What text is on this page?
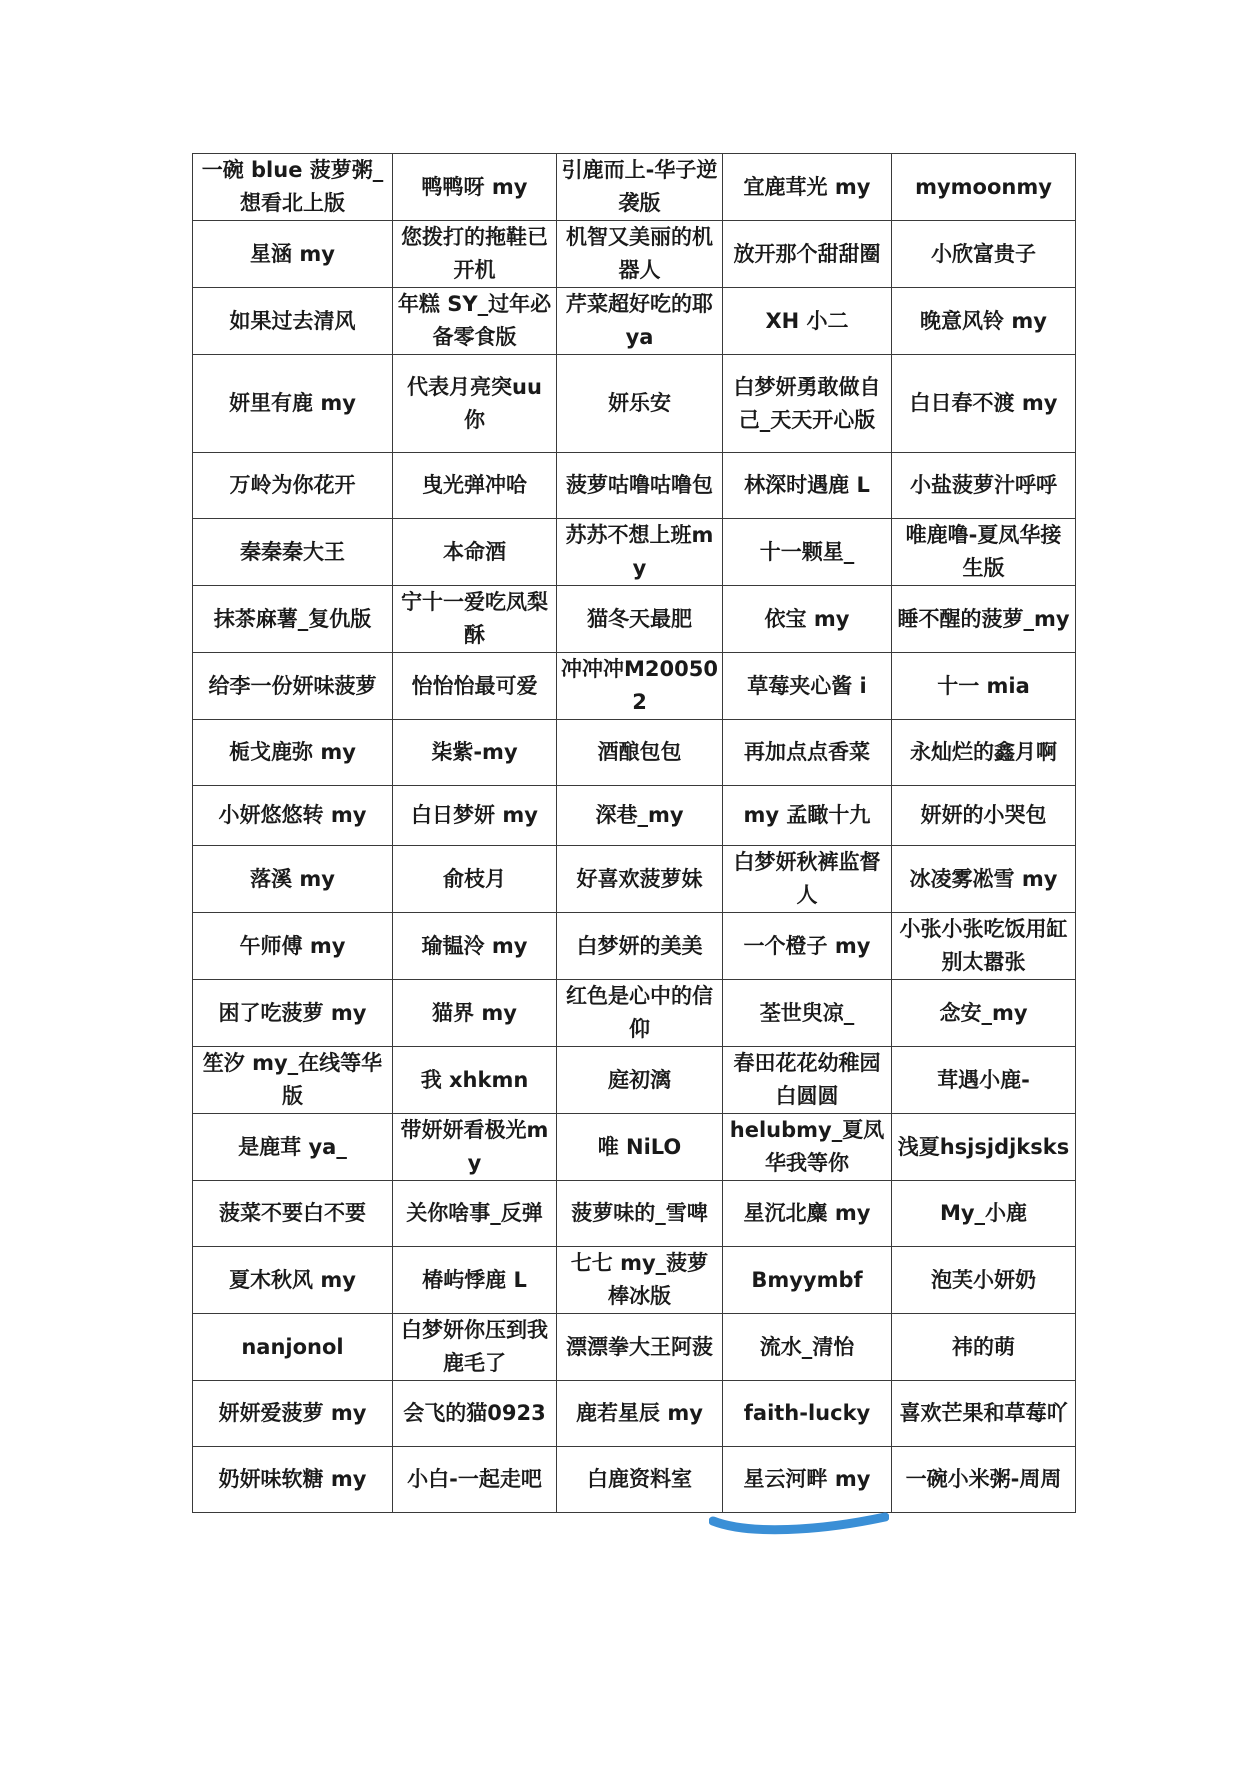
一碗 blue 菠萝粥_想看北上版	鸭鸭呀 my	引鹿而上-华子逆袭版	宜鹿茸光 my	mymoonmy
星涵 my	您拨打的拖鞋已开机	机智又美丽的机器人	放开那个甜甜圈	小欣富贵子
如果过去清风	年糕 SY_过年必备零食版	芹菜超好吃的耶 ya	XH 小二	晚意风铃 my
妍里有鹿 my	代表月亮突uu 你	妍乐安	白梦妍勇敢做自己_天天开心版	白日春不渡 my
万岭为你花开	曳光弹冲哈	菠萝咕噜咕噜包	林深时遇鹿 L	小盐菠萝汁呼呼
秦秦秦大王	本命酒	苏苏不想上班my	十一颗星_	唯鹿噜-夏凤华接生版
抹茶麻薯_复仇版	宁十一爱吃凤梨酥	猫冬天最肥	依宝 my	睡不醒的菠萝_my
给李一份妍味菠萝	怡怡怡最可爱	冲冲冲M200502	草莓夹心酱 i	十一 mia
栀戈鹿弥 my	柒紫-my	酒酿包包	再加点点香菜	永灿烂的鑫月啊
小妍悠悠转 my	白日梦妍 my	深巷_my	my 孟瞰十九	妍妍的小哭包
落溪 my	俞枝月	好喜欢菠萝妹	白梦妍秋裤监督人	冰凌雾凇雪 my
午师傅 my	瑜韫泠 my	白梦妍的美美	一个橙子 my	小张小张吃饭用缸别太嚣张
困了吃菠萝 my	猫界 my	红色是心中的信仰	荃世臾凉_	念安_my
笙汐 my_在线等华版	我 xhkmn	庭初漓	春田花花幼稚园白圆圆	茸遇小鹿-
是鹿茸 ya_	带妍妍看极光my	唯 NiLO	helubmy_夏凤华我等你	浅夏hsjsjdjksks
菠菜不要白不要	关你啥事_反弹	菠萝味的_雪啤	星沉北麋 my	My_小鹿
夏木秋风 my	椿屿悸鹿 L	七七 my_菠萝棒冰版	Bmyymbf	泡芙小妍奶
nanjonol	白梦妍你压到我鹿毛了	漂漂拳大王阿菠	流水_清怡	祎的萌
妍妍爱菠萝 my	会飞的猫0923	鹿若星辰 my	faith-lucky	喜欢芒果和草莓吖
奶妍味软糖 my	小白-一起走吧	白鹿资料室	星云河畔 my	一碗小米粥-周周
